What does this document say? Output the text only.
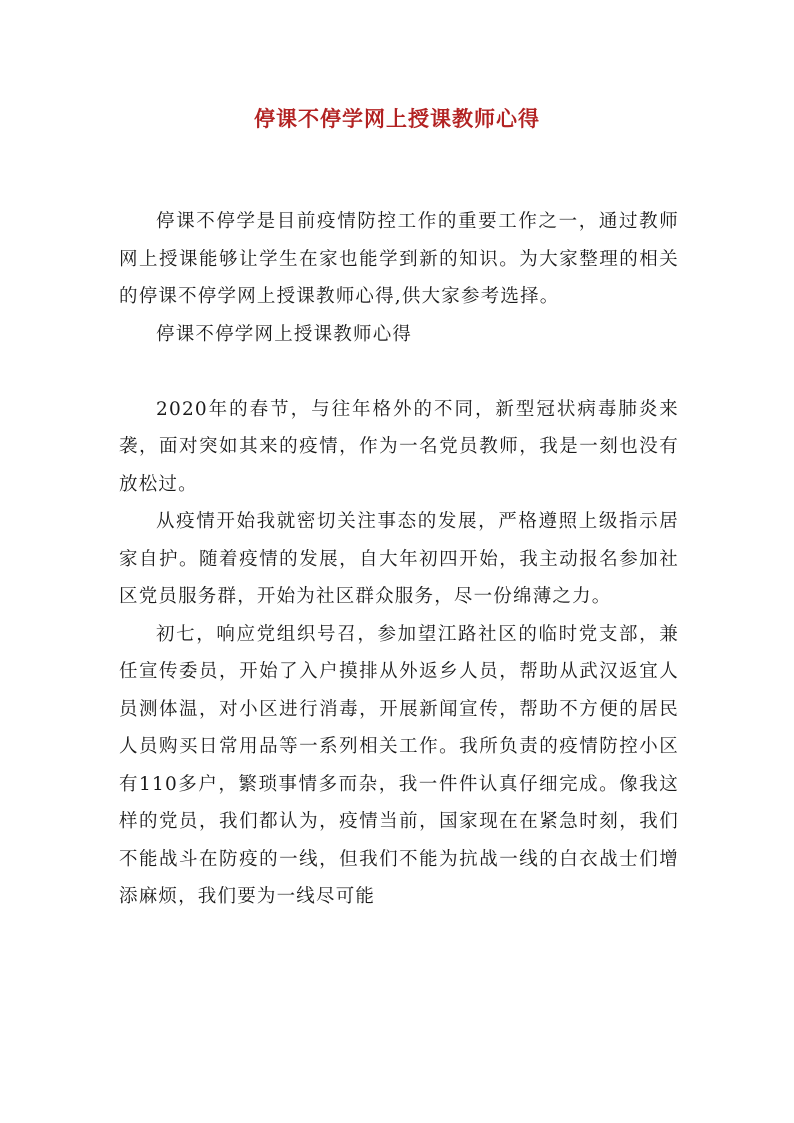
停课不停学网上授课教师心得

停课不停学是目前疫情防控工作的重要工作之一，通过教师网上授课能够让学生在家也能学到新的知识。为大家整理的相关的停课不停学网上授课教师心得,供大家参考选择。

停课不停学网上授课教师心得

2020年的春节，与往年格外的不同，新型冠状病毒肺炎来袭，面对突如其来的疫情，作为一名党员教师，我是一刻也没有放松过。

从疫情开始我就密切关注事态的发展，严格遵照上级指示居家自护。随着疫情的发展，自大年初四开始，我主动报名参加社区党员服务群，开始为社区群众服务，尽一份绵薄之力。

初七，响应党组织号召，参加望江路社区的临时党支部，兼任宣传委员，开始了入户摸排从外返乡人员，帮助从武汉返宜人员测体温，对小区进行消毒，开展新闻宣传，帮助不方便的居民人员购买日常用品等一系列相关工作。我所负责的疫情防控小区有110多户，繁琐事情多而杂，我一件件认真仔细完成。像我这样的党员，我们都认为，疫情当前，国家现在在紧急时刻，我们不能战斗在防疫的一线，但我们不能为抗战一线的白衣战士们增添麻烦，我们要为一线尽可能
